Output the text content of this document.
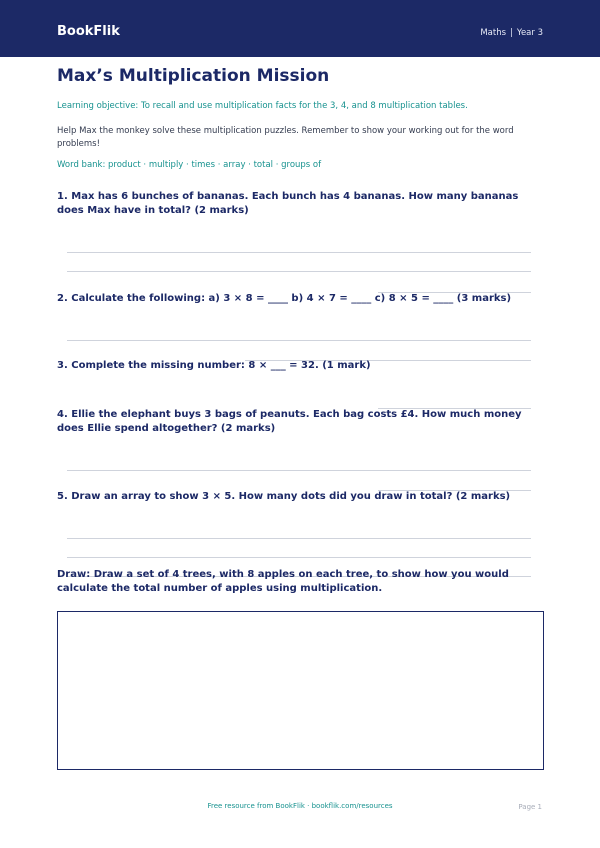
BookFlik	Maths | Year 3
Max’s Multiplication Mission
Learning objective: To recall and use multiplication facts for the 3, 4, and 8 multiplication tables.
Help Max the monkey solve these multiplication puzzles. Remember to show your working out for the word problems!
Word bank: product · multiply · times · array · total · groups of
1. Max has 6 bunches of bananas. Each bunch has 4 bananas. How many bananas does Max have in total? (2 marks)
2. Calculate the following: a) 3 × 8 = ____ b) 4 × 7 = ____ c) 8 × 5 = ____ (3 marks)
3. Complete the missing number: 8 × ___ = 32. (1 mark)
4. Ellie the elephant buys 3 bags of peanuts. Each bag costs £4. How much money does Ellie spend altogether? (2 marks)
5. Draw an array to show 3 × 5. How many dots did you draw in total? (2 marks)
Draw: Draw a set of 4 trees, with 8 apples on each tree, to show how you would calculate the total number of apples using multiplication.
Free resource from BookFlik · bookflik.com/resources	Page 1
